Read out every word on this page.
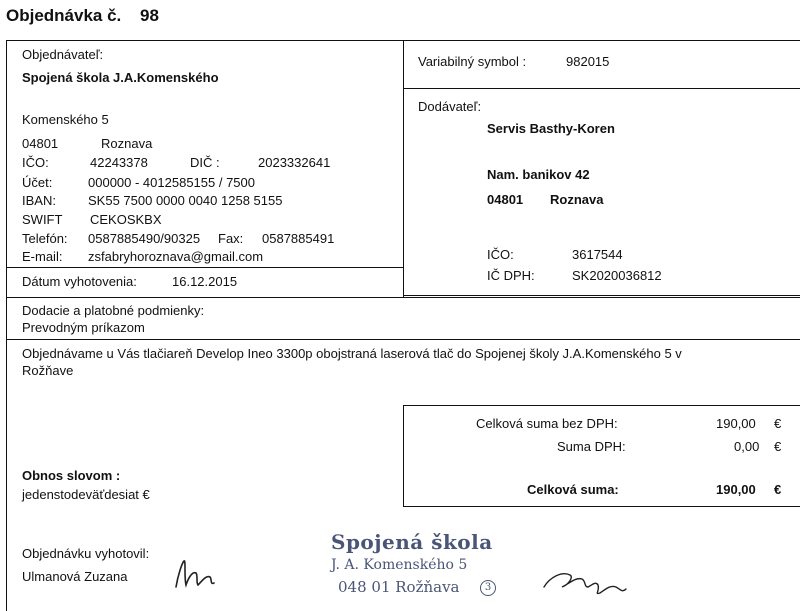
Objednávka č. 98
Objednávateľ:
Spojená škola J.A.Komenského
Komenského 5
04801	Roznava
IČO:	42243378	DIČ :	2023332641
Účet:	000000 - 4012585155 / 7500
IBAN: SK55 7500 0000 0040 1258 5155
SWIFT CEKOSKBX
Telefón: 0587885490/90325 Fax: 0587885491
E-mail: zsfabryhoroznava@gmail.com
Dátum vyhotovenia:	16.12.2015
Variabilný symbol :	982015
Dodávateľ:
Servis Basthy-Koren
Nam. banikov 42
04801 Roznava
IČO:	3617544
IČ DPH:	SK2020036812
Dodacie a platobné podmienky:
Prevodným príkazom
Objednávame u Vás tlačiareň Develop Ineo 3300p obojstraná laserová tlač do Spojenej školy J.A.Komenského 5 v
Rožňave
Celková suma bez DPH:	190,00 €
Suma DPH:	0,00 €
Celková suma:	190,00 €
Obnos slovom :
jedenstodeväťdesiat €
Objednávku vyhotovil:
Ulmanová Zuzana
Spojená škola
J. A. Komenského 5
048 01 Rožňava	3
